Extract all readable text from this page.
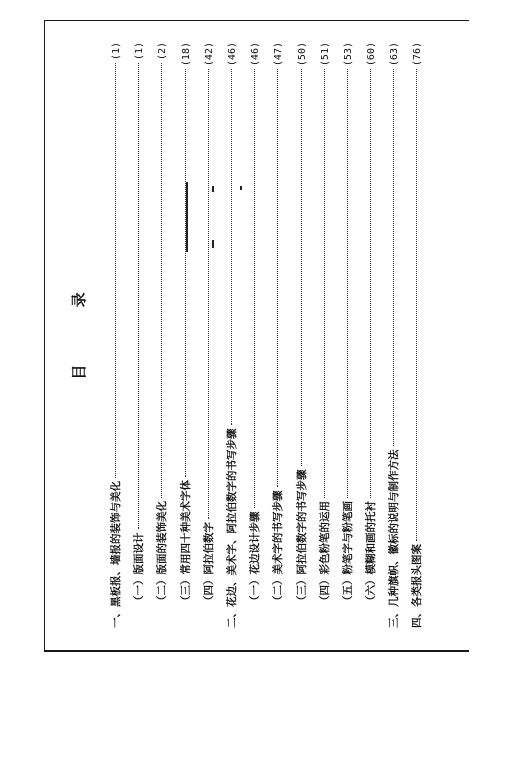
目 录
一、黑板报、墙报的装饰与美化
(1)
（一）版面设计
(1)
（二）版面的装饰美化
(2)
（三）常用四十种美术字体
(18)
（四）阿拉伯数字
(42)
二、花边、美术字、阿拉伯数字的书写步骤
(46)
（一）花边设计步骤
(46)
（二）美术字的书写步骤
(47)
（三）阿拉伯数字的书写步骤
(50)
（四）彩色粉笔的运用
(51)
（五）粉笔字与粉笔画
(53)
（六）模糊和画的托衬
(60)
三、几种旗帜、徽标的说明与制作方法
(63)
四、各类报头图案
(76)
